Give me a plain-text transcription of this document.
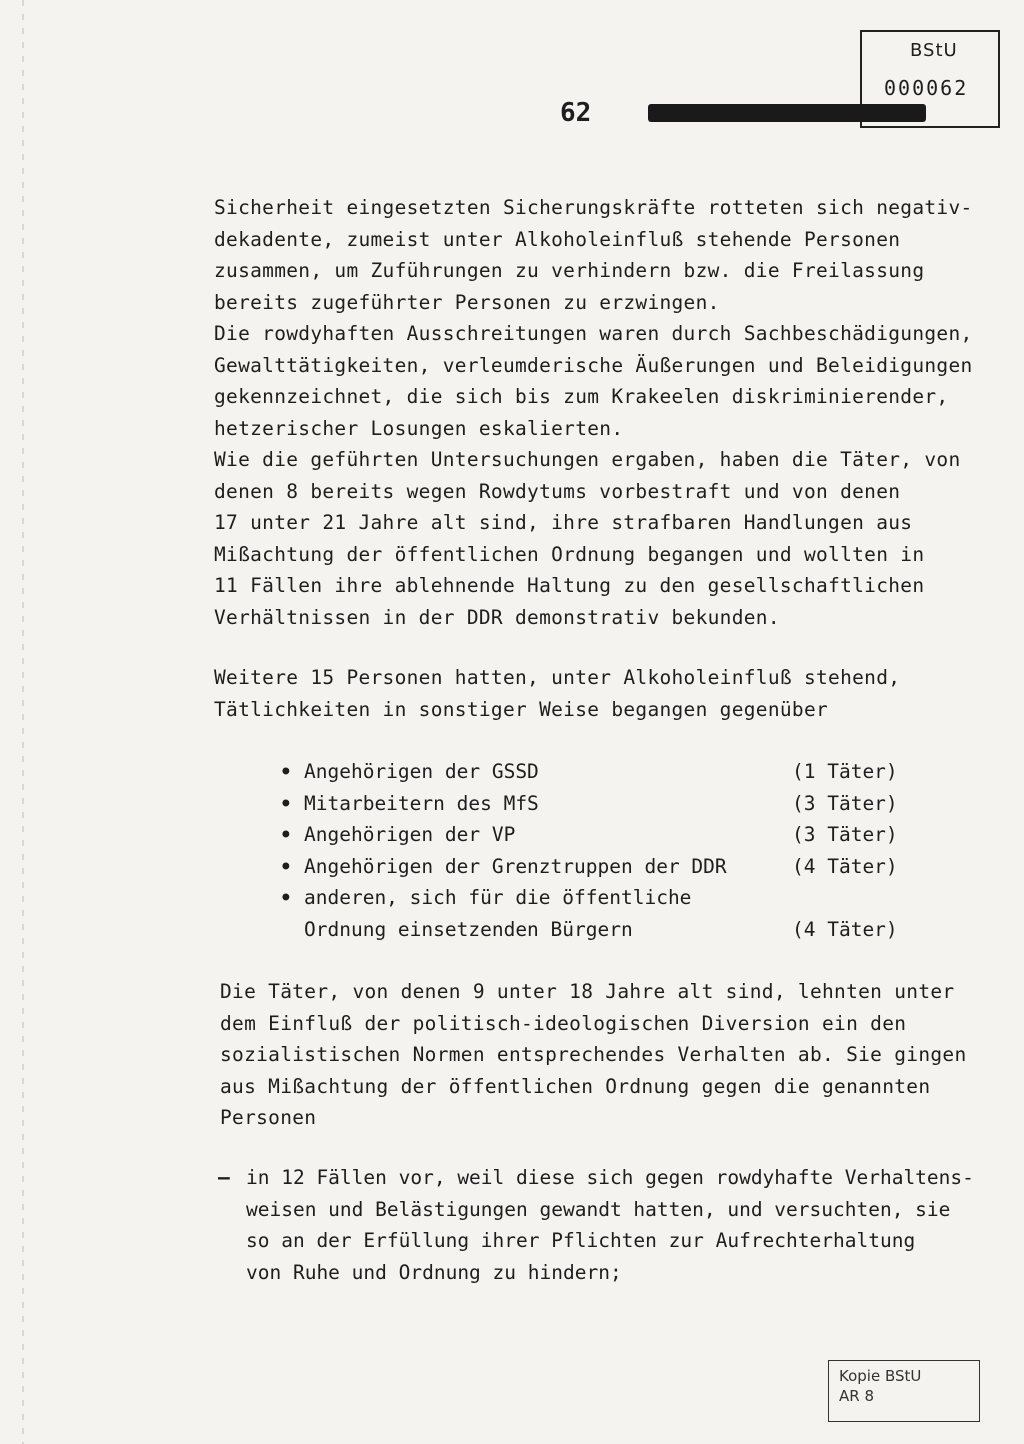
BStU
000062
62

Sicherheit eingesetzten Sicherungskräfte rotteten sich negativ-
dekadente, zumeist unter Alkoholeinfluß stehende Personen
zusammen, um Zuführungen zu verhindern bzw. die Freilassung
bereits zugeführter Personen zu erzwingen.
Die rowdyhaften Ausschreitungen waren durch Sachbeschädigungen,
Gewalttätigkeiten, verleumderische Äußerungen und Beleidigungen
gekennzeichnet, die sich bis zum Krakeelen diskriminierender,
hetzerischer Losungen eskalierten.
Wie die geführten Untersuchungen ergaben, haben die Täter, von
denen 8 bereits wegen Rowdytums vorbestraft und von denen
17 unter 21 Jahre alt sind, ihre strafbaren Handlungen aus
Mißachtung der öffentlichen Ordnung begangen und wollten in
11 Fällen ihre ablehnende Haltung zu den gesellschaftlichen
Verhältnissen in der DDR demonstrativ bekunden.

Weitere 15 Personen hatten, unter Alkoholeinfluß stehend,
Tätlichkeiten in sonstiger Weise begangen gegenüber

• Angehörigen der GSSD	(1 Täter)
• Mitarbeitern des MfS	(3 Täter)
• Angehörigen der VP	(3 Täter)
• Angehörigen der Grenztruppen der DDR	(4 Täter)
• anderen, sich für die öffentliche
Ordnung einsetzenden Bürgern	(4 Täter)

Die Täter, von denen 9 unter 18 Jahre alt sind, lehnten unter
dem Einfluß der politisch-ideologischen Diversion ein den
sozialistischen Normen entsprechendes Verhalten ab. Sie gingen
aus Mißachtung der öffentlichen Ordnung gegen die genannten
Personen

– in 12 Fällen vor, weil diese sich gegen rowdyhafte Verhaltens-
weisen und Belästigungen gewandt hatten, und versuchten, sie
so an der Erfüllung ihrer Pflichten zur Aufrechterhaltung
von Ruhe und Ordnung zu hindern;
Kopie BStU
AR 8
